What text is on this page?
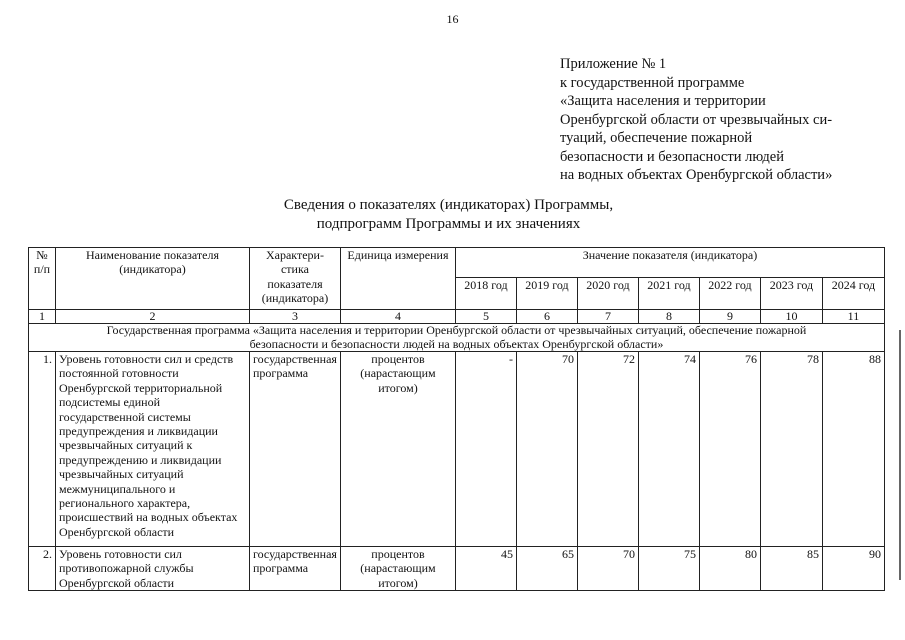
16
Приложение № 1
к государственной программе
«Защита населения и территории
Оренбургской области от чрезвычайных си-
туаций, обеспечение пожарной
безопасности и безопасности людей
на водных объектах Оренбургской области»
Сведения о показателях (индикаторах) Программы,
подпрограмм Программы и их значениях
№ п/п	Наименование показателя (индикатора)	Характери-стика показателя (индикатора)	Единица измерения	Значение показателя (индикатора)						
				2018 год	2019 год	2020 год	2021 год	2022 год	2023 год	2024 год
1	2	3	4	5	6	7	8	9	10	11
Государственная программа «Защита населения и территории Оренбургской области от чрезвычайных ситуаций, обеспечение пожарной безопасности и безопасности людей на водных объектах Оренбургской области»										
1.	Уровень готовности сил и средств постоянной готовности Оренбургской территориальной подсистемы единой государственной системы предупреждения и ликвидации чрезвычайных ситуаций к предупреждению и ликвидации чрезвычайных ситуаций межмуниципального и регионального характера, происшествий на водных объектах Оренбургской области	государственная программа	процентов (нарастающим итогом)	-	70	72	74	76	78	88
2.	Уровень готовности сил противопожарной службы Оренбургской области	государственная программа	процентов (нарастающим итогом)	45	65	70	75	80	85	90
